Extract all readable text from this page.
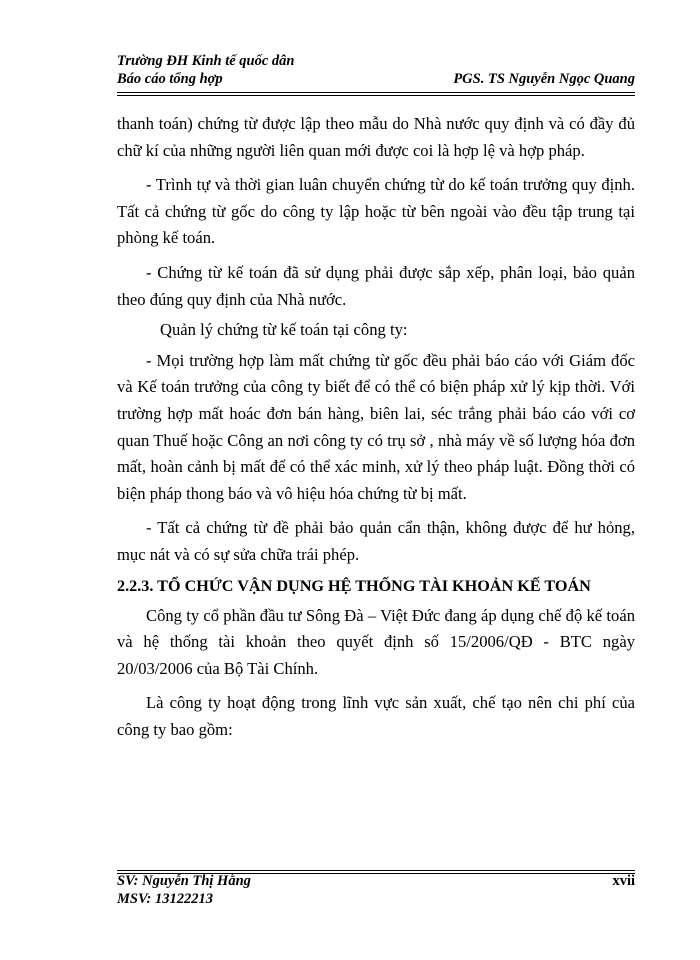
Trường ĐH Kinh tế quốc dân
Báo cáo tổng hợp	PGS. TS Nguyễn Ngọc Quang

thanh toán) chứng từ được lập theo mẫu do Nhà nước quy định và có đầy đủ chữ kí của những người liên quan mới được coi là hợp lệ và hợp pháp.

- Trình tự và thời gian luân chuyển chứng từ do kế toán trưởng quy định. Tất cả chứng từ gốc do công ty lập hoặc từ bên ngoài vào đều tập trung tại phòng kế toán.

- Chứng từ kế toán đã sử dụng phải được sắp xếp, phân loại, bảo quản theo đúng quy định của Nhà nước.

Quản lý chứng từ kế toán tại công ty:

- Mọi trường hợp làm mất chứng từ gốc đều phải báo cáo với Giám đốc và Kế toán trưởng của công ty biết để có thể có biện pháp xử lý kịp thời. Với trường hợp mất hoác đơn bán hàng, biên lai, séc trắng phải báo cáo với cơ quan Thuế hoặc Công an nơi công ty có trụ sở , nhà máy về số lượng hóa đơn mất, hoàn cảnh bị mất để có thể xác minh, xử lý theo pháp luật. Đồng thời có biện pháp thong báo và vô hiệu hóa chứng từ bị mất.

- Tất cả chứng từ đề phải bảo quản cẩn thận, không được để hư hỏng, mục nát và có sự sửa chữa trái phép.

2.2.3. TỔ CHỨC VẬN DỤNG HỆ THỐNG TÀI KHOẢN KẾ TOÁN

Công ty cổ phần đầu tư Sông Đà – Việt Đức đang áp dụng chế độ kế toán và hệ thống tài khoản theo quyết định số 15/2006/QĐ - BTC ngày 20/03/2006 của Bộ Tài Chính.

Là công ty hoạt động trong lĩnh vực sản xuất, chế tạo nên chi phí của công ty bao gồm:

SV: Nguyễn Thị Hằng	xvii
MSV: 13122213
